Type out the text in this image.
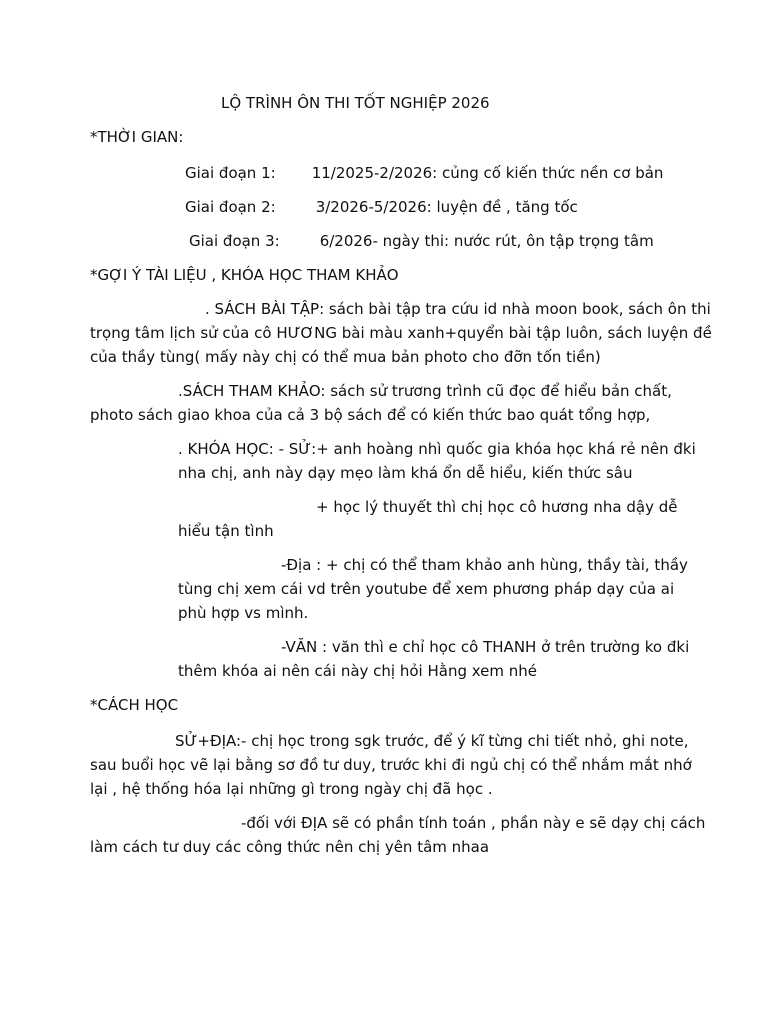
LỘ TRÌNH ÔN THI TỐT NGHIỆP 2026
*THỜI GIAN:
Giai đoạn 1: 11/2025-2/2026: củng cố kiến thức nền cơ bản
Giai đoạn 2:	3/2026-5/2026: luyện đề , tăng tốc
Giai đoạn 3:	6/2026- ngày thi: nước rút, ôn tập trọng tâm
*GỢI Ý TÀI LIỆU , KHÓA HỌC THAM KHẢO
. SÁCH BÀI TẬP: sách bài tập tra cứu id nhà moon book, sách ôn thi
trọng tâm lịch sử của cô HƯƠNG bài màu xanh+quyển bài tập luôn, sách luyện đề
của thầy tùng( mấy này chị có thể mua bản photo cho đỡn tốn tiền)
.SÁCH THAM KHẢO: sách sử trương trình cũ đọc để hiểu bản chất,
photo sách giao khoa của cả 3 bộ sách để có kiến thức bao quát tổng hợp,
. KHÓA HỌC: - SỬ:+ anh hoàng nhì quốc gia khóa học khá rẻ nên đki
nha chị, anh này dạy mẹo làm khá ổn dễ hiểu, kiến thức sâu
+ học lý thuyết thì chị học cô hương nha dậy dễ
hiểu tận tình
-Địa : + chị có thể tham khảo anh hùng, thầy tài, thầy
tùng chị xem cái vd trên youtube để xem phương pháp dạy của ai
phù hợp vs mình.
-VĂN : văn thì e chỉ học cô THANH ở trên trường ko đki
thêm khóa ai nên cái này chị hỏi Hằng xem nhé
*CÁCH HỌC
SỬ+ĐỊA:- chị học trong sgk trước, để ý kĩ từng chi tiết nhỏ, ghi note,
sau buổi học vẽ lại bằng sơ đồ tư duy, trước khi đi ngủ chị có thể nhắm mắt nhớ
lại , hệ thống hóa lại những gì trong ngày chị đã học .
-đối với ĐỊA sẽ có phần tính toán , phần này e sẽ dạy chị cách
làm cách tư duy các công thức nên chị yên tâm nhaa
